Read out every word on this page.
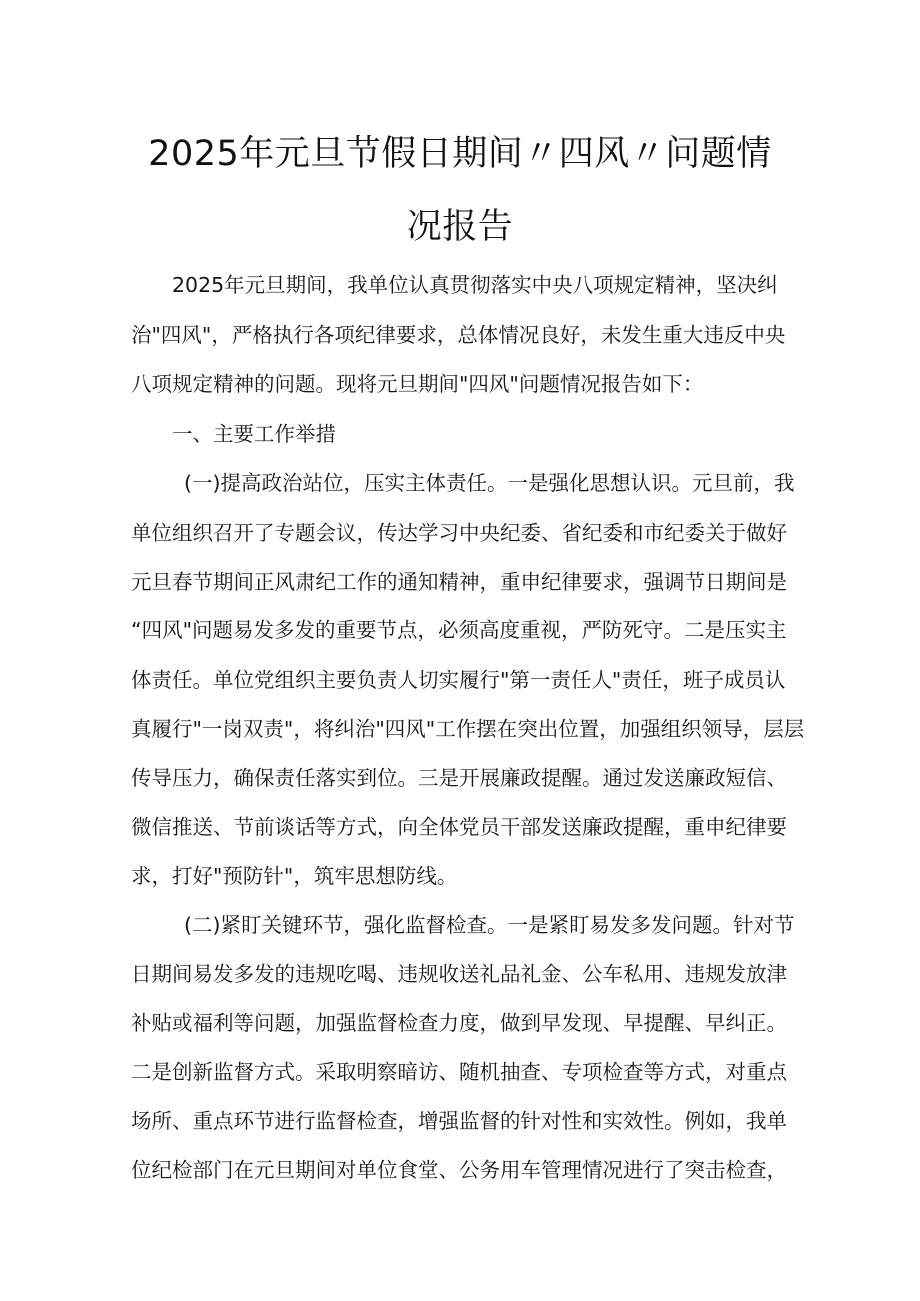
2025年元旦节假日期间〃四风〃问题情
况报告
2025年元旦期间，我单位认真贯彻落实中央八项规定精神，坚决纠
治"四风"，严格执行各项纪律要求，总体情况良好，未发生重大违反中央
八项规定精神的问题。现将元旦期间"四风"问题情况报告如下：
一、主要工作举措
(一)提高政治站位，压实主体责任。一是强化思想认识。元旦前，我
单位组织召开了专题会议，传达学习中央纪委、省纪委和市纪委关于做好
元旦春节期间正风肃纪工作的通知精神，重申纪律要求，强调节日期间是
“四风"问题易发多发的重要节点，必须高度重视，严防死守。二是压实主
体责任。单位党组织主要负责人切实履行"第一责任人"责任，班子成员认
真履行"一岗双责"，将纠治"四风"工作摆在突出位置，加强组织领导，层层
传导压力，确保责任落实到位。三是开展廉政提醒。通过发送廉政短信、
微信推送、节前谈话等方式，向全体党员干部发送廉政提醒，重申纪律要
求，打好"预防针"，筑牢思想防线。
(二)紧盯关键环节，强化监督检查。一是紧盯易发多发问题。针对节
日期间易发多发的违规吃喝、违规收送礼品礼金、公车私用、违规发放津
补贴或福利等问题，加强监督检查力度，做到早发现、早提醒、早纠正。
二是创新监督方式。采取明察暗访、随机抽查、专项检查等方式，对重点
场所、重点环节进行监督检查，增强监督的针对性和实效性。例如，我单
位纪检部门在元旦期间对单位食堂、公务用车管理情况进行了突击检查，
